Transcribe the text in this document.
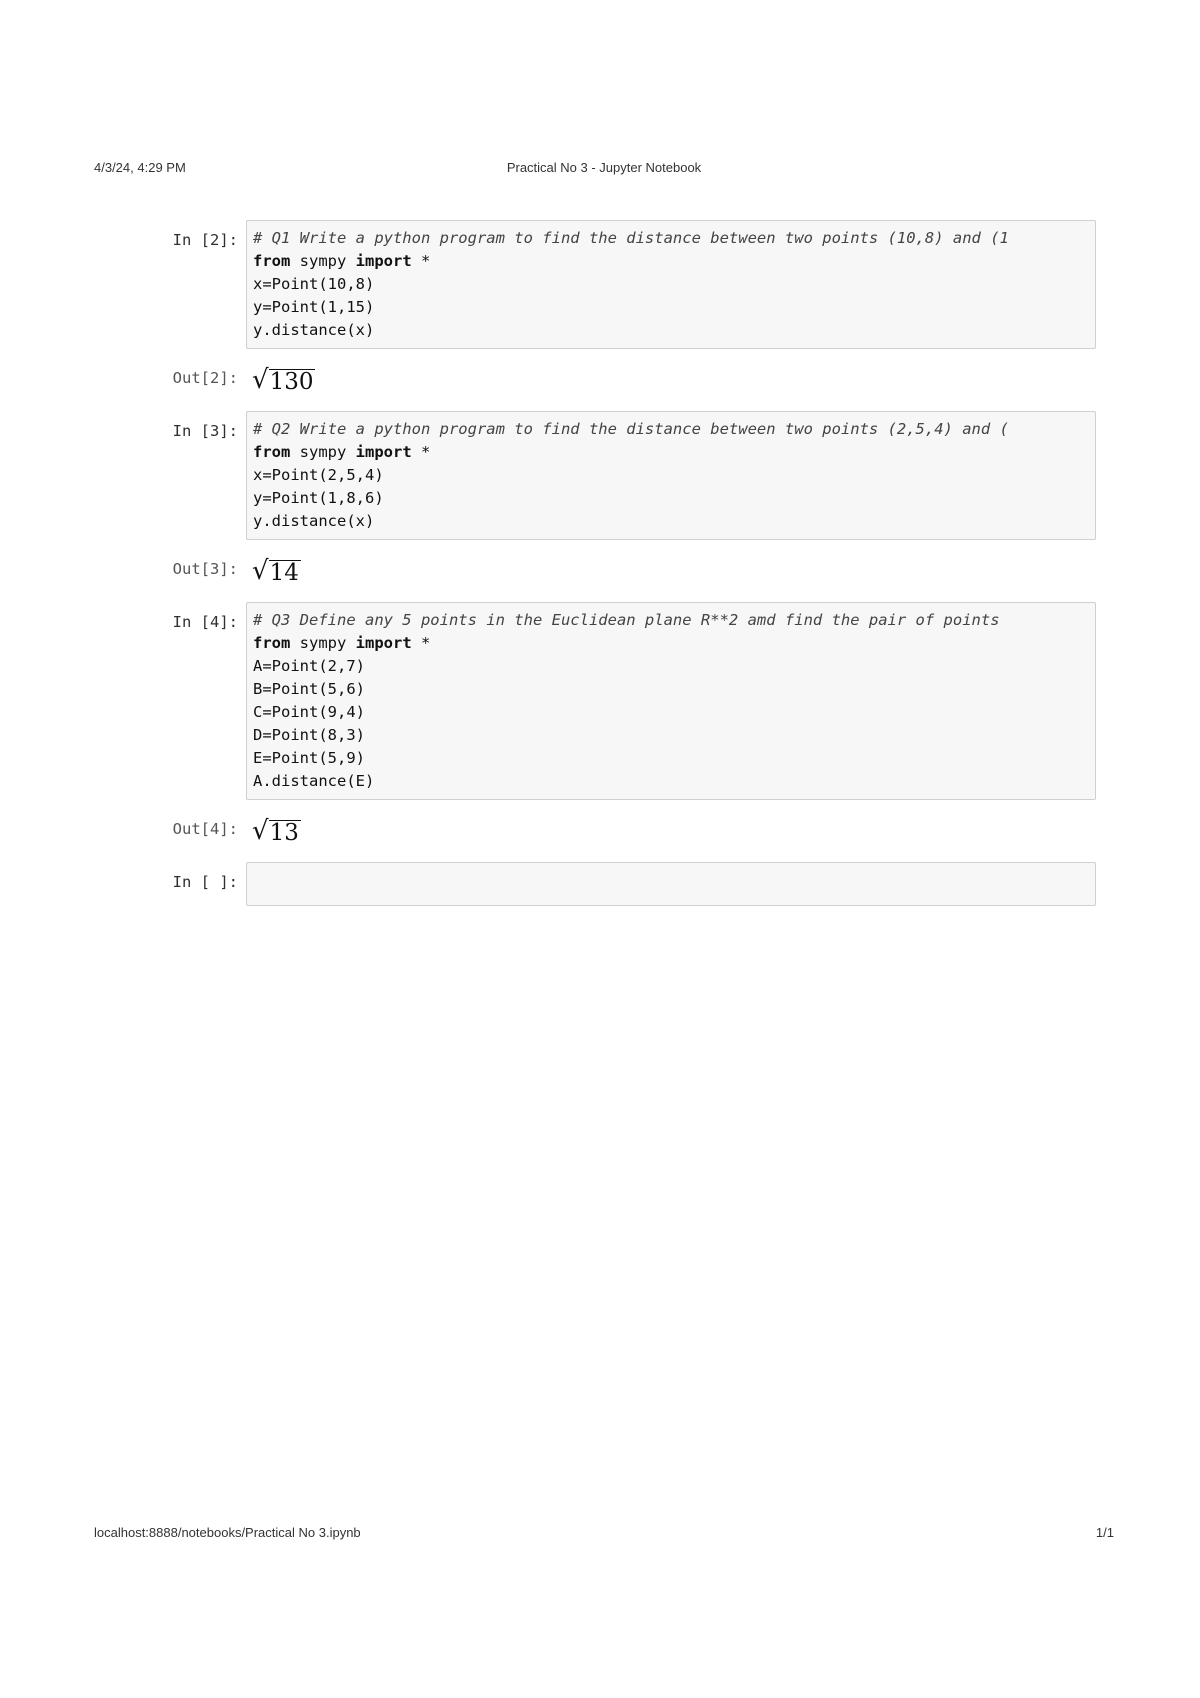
4/3/24, 4:29 PM	Practical No 3 - Jupyter Notebook
In [2]: # Q1 Write a python program to find the distance between two points (10,8) and (1
from sympy import *
x=Point(10,8)
y=Point(1,15)
y.distance(x)
Out[2]: √ 130
In [3]: # Q2 Write a python program to find the distance between two points (2,5,4) and (
from sympy import *
x=Point(2,5,4)
y=Point(1,8,6)
y.distance(x)
Out[3]: √ 14
In [4]: # Q3 Define any 5 points in the Euclidean plane R**2 amd find the pair of points
from sympy import *
A=Point(2,7)
B=Point(5,6)
C=Point(9,4)
D=Point(8,3)
E=Point(5,9)
A.distance(E)
Out[4]: √ 13
In [ ]:
localhost:8888/notebooks/Practical No 3.ipynb	1/1
